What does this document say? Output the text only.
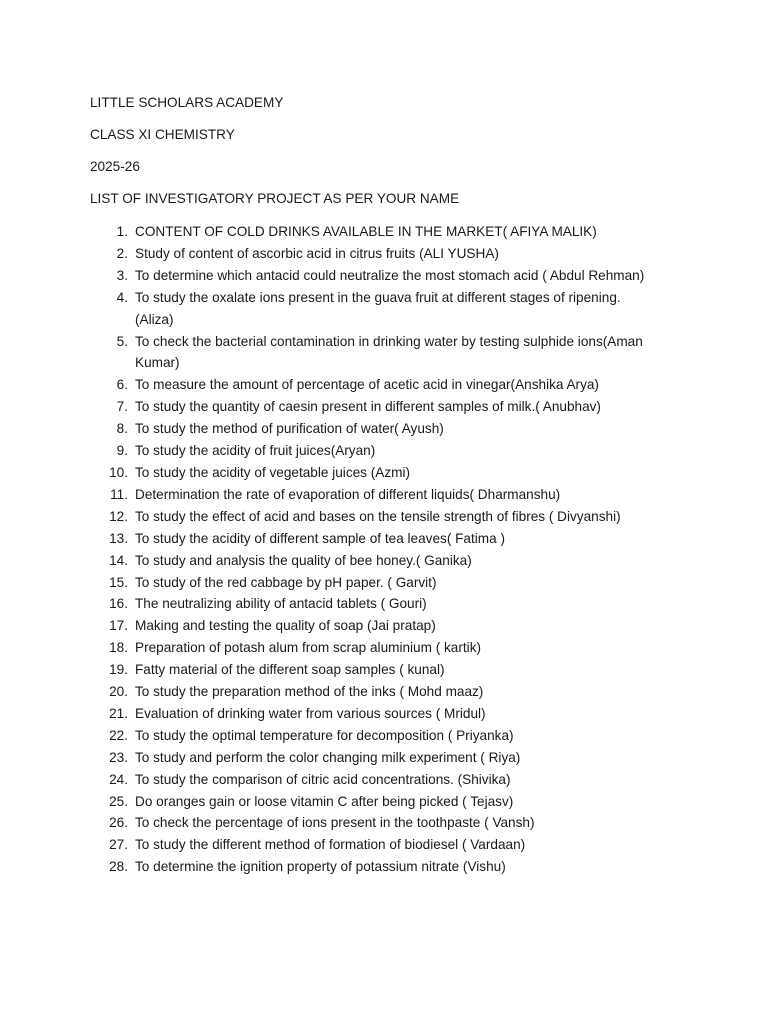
LITTLE SCHOLARS ACADEMY
CLASS XI CHEMISTRY
2025-26
LIST OF INVESTIGATORY PROJECT AS PER YOUR NAME
1. CONTENT OF COLD DRINKS AVAILABLE IN THE MARKET( AFIYA MALIK)
2. Study of content of ascorbic acid in citrus fruits (ALI YUSHA)
3. To determine which antacid could neutralize the most stomach acid ( Abdul Rehman)
4. To study the oxalate ions present in the guava fruit at different stages of ripening.(Aliza)
5. To check the bacterial contamination in drinking water by testing sulphide ions(Aman Kumar)
6. To measure the amount of percentage of acetic acid in vinegar(Anshika Arya)
7. To study the quantity of caesin present in different samples of milk.( Anubhav)
8. To study the method of purification of water( Ayush)
9. To study the acidity of fruit juices(Aryan)
10. To study the acidity of vegetable juices (Azmi)
11. Determination the rate of evaporation of different liquids( Dharmanshu)
12. To study the effect of acid and bases on the tensile strength of fibres ( Divyanshi)
13. To study the acidity of different sample of tea leaves( Fatima )
14. To study and analysis the quality of bee honey.( Ganika)
15. To study of the red cabbage by pH paper. ( Garvit)
16. The neutralizing ability of antacid tablets ( Gouri)
17. Making and testing the quality of soap (Jai pratap)
18. Preparation of potash alum from scrap aluminium ( kartik)
19. Fatty material of the different soap samples ( kunal)
20. To study the preparation method of the inks ( Mohd maaz)
21. Evaluation of drinking water from various sources ( Mridul)
22. To study the optimal temperature for decomposition ( Priyanka)
23. To study and perform the color changing milk experiment ( Riya)
24. To study the comparison of citric acid concentrations. (Shivika)
25. Do oranges gain or loose vitamin C after being picked ( Tejasv)
26. To check the percentage of ions present in the toothpaste ( Vansh)
27. To study the different method of formation of biodiesel ( Vardaan)
28. To determine the ignition property of potassium nitrate (Vishu)
